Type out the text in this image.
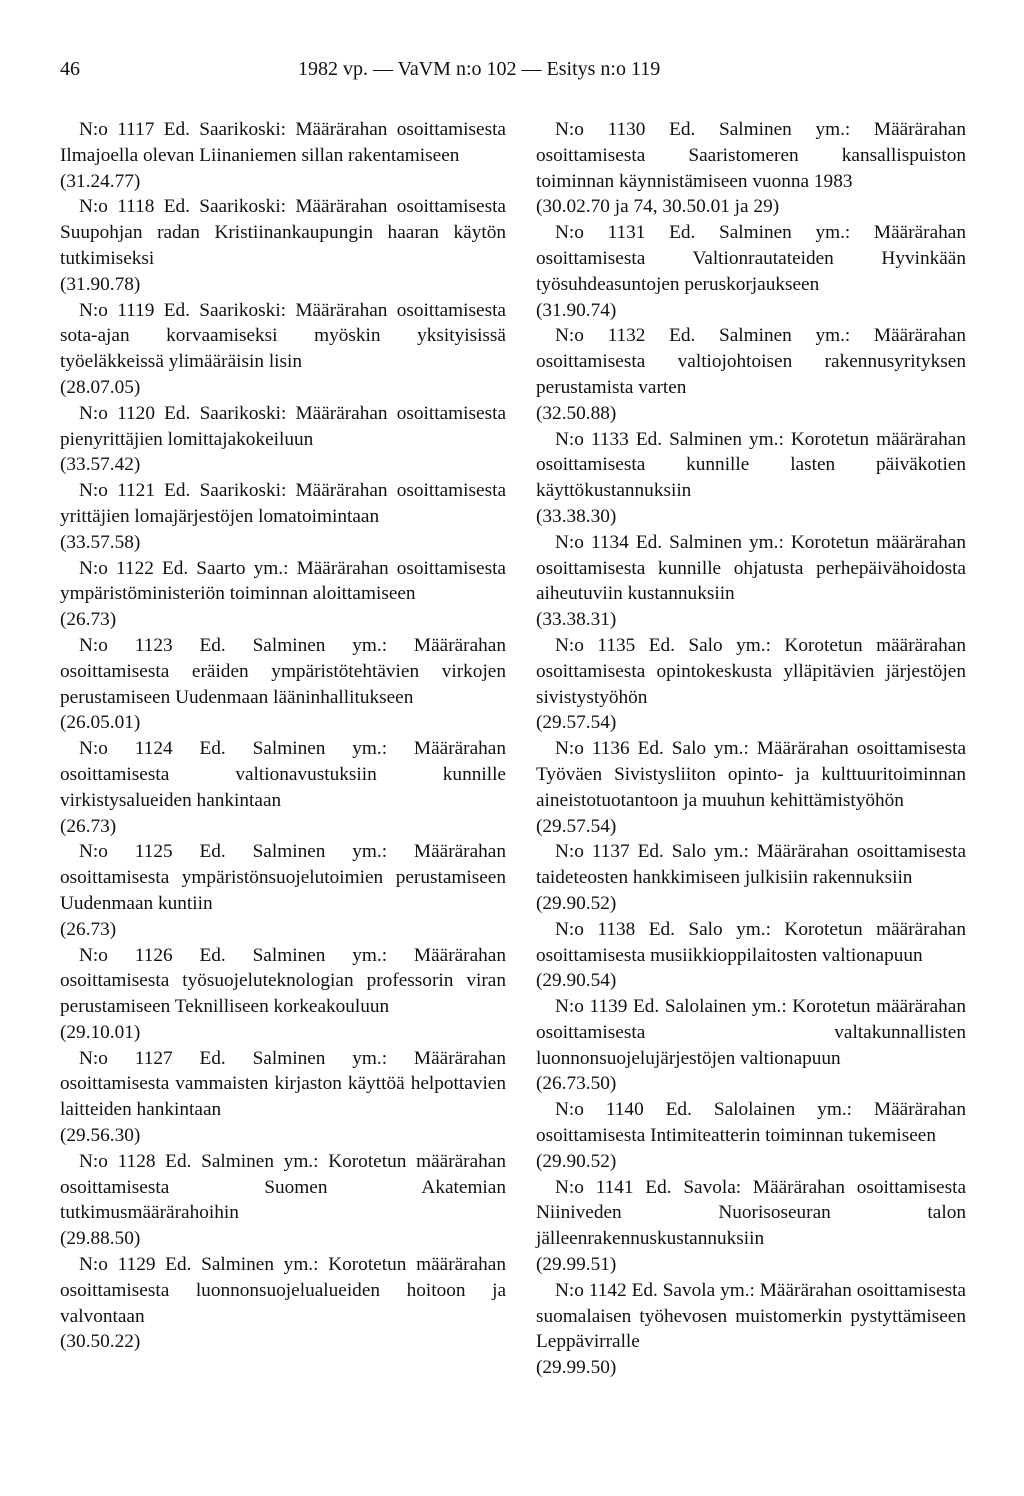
46	1982 vp. — VaVM n:o 102 — Esitys n:o 119
N:o 1117 Ed. Saarikoski: Määrärahan osoittamisesta Ilmajoella olevan Liinaniemen sillan rakentamiseen
(31.24.77)
N:o 1118 Ed. Saarikoski: Määrärahan osoittamisesta Suupohjan radan Kristiinankaupungin haaran käytön tutkimiseksi
(31.90.78)
N:o 1119 Ed. Saarikoski: Määrärahan osoittamisesta sota-ajan korvaamiseksi myöskin yksityisissä työeläkkeissä ylimääräisin lisin
(28.07.05)
N:o 1120 Ed. Saarikoski: Määrärahan osoittamisesta pienyrittäjien lomittajakokeiluun
(33.57.42)
N:o 1121 Ed. Saarikoski: Määrärahan osoittamisesta yrittäjien lomajärjestöjen lomatoimintaan
(33.57.58)
N:o 1122 Ed. Saarto ym.: Määrärahan osoittamisesta ympäristöministeriön toiminnan aloittamiseen
(26.73)
N:o 1123 Ed. Salminen ym.: Määrärahan osoittamisesta eräiden ympäristötehtävien virkojen perustamiseen Uudenmaan lääninhallitukseen
(26.05.01)
N:o 1124 Ed. Salminen ym.: Määrärahan osoittamisesta valtionavustuksiin kunnille virkistysalueiden hankintaan
(26.73)
N:o 1125 Ed. Salminen ym.: Määrärahan osoittamisesta ympäristönsuojelutoimien perustamiseen Uudenmaan kuntiin
(26.73)
N:o 1126 Ed. Salminen ym.: Määrärahan osoittamisesta työsuojeluteknologian professorin viran perustamiseen Teknilliseen korkeakouluun
(29.10.01)
N:o 1127 Ed. Salminen ym.: Määrärahan osoittamisesta vammaisten kirjaston käyttöä helpottavien laitteiden hankintaan
(29.56.30)
N:o 1128 Ed. Salminen ym.: Korotetun määrärahan osoittamisesta Suomen Akatemian tutkimusmäärärahoihin
(29.88.50)
N:o 1129 Ed. Salminen ym.: Korotetun määrärahan osoittamisesta luonnonsuojelualueiden hoitoon ja valvontaan
(30.50.22)
N:o 1130 Ed. Salminen ym.: Määrärahan osoittamisesta Saaristomeren kansallispuiston toiminnan käynnistämiseen vuonna 1983
(30.02.70 ja 74, 30.50.01 ja 29)
N:o 1131 Ed. Salminen ym.: Määrärahan osoittamisesta Valtionrautateiden Hyvinkään työsuhdeasuntojen peruskorjaukseen
(31.90.74)
N:o 1132 Ed. Salminen ym.: Määrärahan osoittamisesta valtiojohtoisen rakennusyrityksen perustamista varten
(32.50.88)
N:o 1133 Ed. Salminen ym.: Korotetun määrärahan osoittamisesta kunnille lasten päiväkotien käyttökustannuksiin
(33.38.30)
N:o 1134 Ed. Salminen ym.: Korotetun määrärahan osoittamisesta kunnille ohjatusta perhepäivähoidosta aiheutuviin kustannuksiin
(33.38.31)
N:o 1135 Ed. Salo ym.: Korotetun määrärahan osoittamisesta opintokeskusta ylläpitävien järjestöjen sivistystyöhön
(29.57.54)
N:o 1136 Ed. Salo ym.: Määrärahan osoittamisesta Työväen Sivistysliiton opinto- ja kulttuuritoiminnan aineistotuotantoon ja muuhun kehittämistyöhön
(29.57.54)
N:o 1137 Ed. Salo ym.: Määrärahan osoittamisesta taideteosten hankkimiseen julkisiin rakennuksiin
(29.90.52)
N:o 1138 Ed. Salo ym.: Korotetun määrärahan osoittamisesta musiikkioppilaitosten valtionapuun
(29.90.54)
N:o 1139 Ed. Salolainen ym.: Korotetun määrärahan osoittamisesta valtakunnallisten luonnonsuojelujärjestöjen valtionapuun
(26.73.50)
N:o 1140 Ed. Salolainen ym.: Määrärahan osoittamisesta Intimiteatterin toiminnan tukemiseen
(29.90.52)
N:o 1141 Ed. Savola: Määrärahan osoittamisesta Niiniveden Nuorisoseuran talon jälleenrakennuskustannuksiin
(29.99.51)
N:o 1142 Ed. Savola ym.: Määrärahan osoittamisesta suomalaisen työhevosen muistomerkin pystyttämiseen Leppävirralle
(29.99.50)
